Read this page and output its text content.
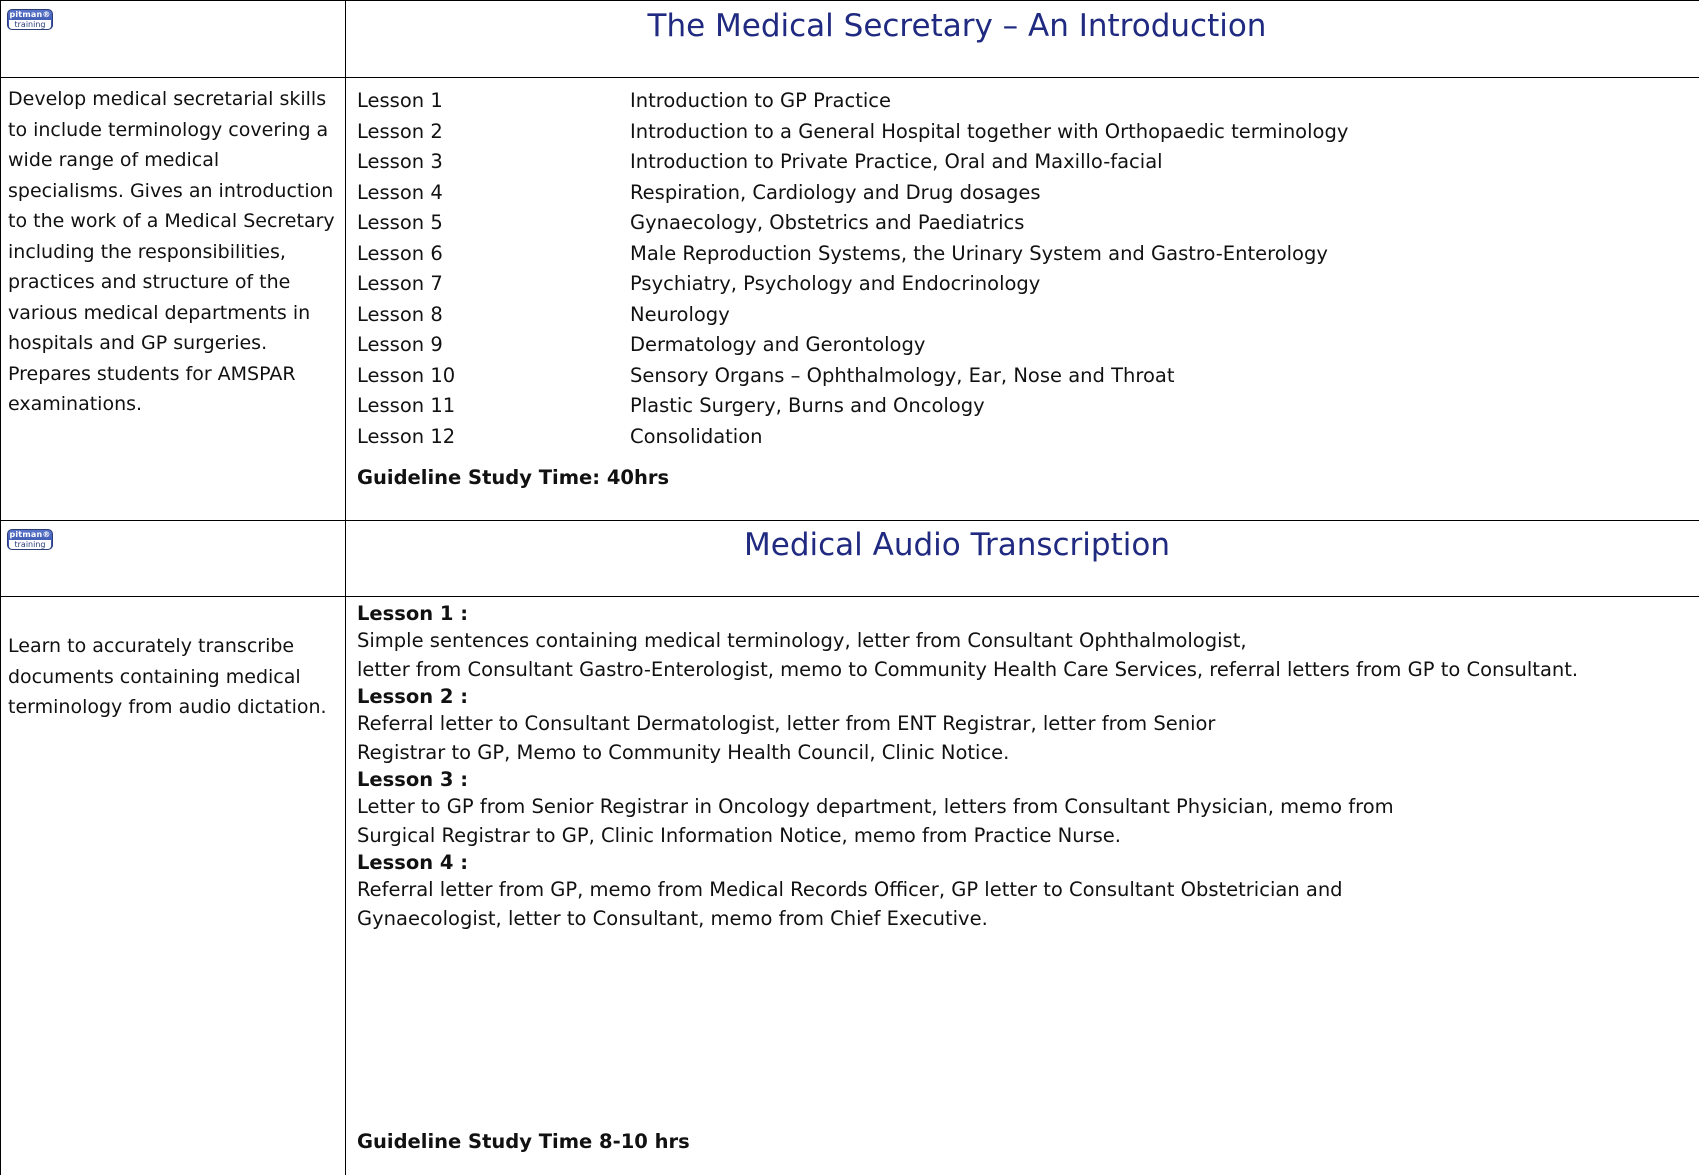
pitman®
training	The Medical Secretary – An Introduction

Develop medical secretarial skills to include terminology covering a wide range of medical specialisms. Gives an introduction to the work of a Medical Secretary including the responsibilities, practices and structure of the various medical departments in hospitals and GP surgeries. Prepares students for AMSPAR examinations.

Lesson 1	Introduction to GP Practice
Lesson 2	Introduction to a General Hospital together with Orthopaedic terminology
Lesson 3	Introduction to Private Practice, Oral and Maxillo-facial
Lesson 4	Respiration, Cardiology and Drug dosages
Lesson 5	Gynaecology, Obstetrics and Paediatrics
Lesson 6	Male Reproduction Systems, the Urinary System and Gastro-Enterology
Lesson 7	Psychiatry, Psychology and Endocrinology
Lesson 8	Neurology
Lesson 9	Dermatology and Gerontology
Lesson 10	Sensory Organs – Ophthalmology, Ear, Nose and Throat
Lesson 11	Plastic Surgery, Burns and Oncology
Lesson 12	Consolidation
Guideline Study Time: 40hrs
pitman®
training	Medical Audio Transcription

Learn to accurately transcribe documents containing medical terminology from audio dictation.

Lesson 1 :

Simple sentences containing medical terminology, letter from Consultant Ophthalmologist,
letter from Consultant Gastro-Enterologist, memo to Community Health Care Services, referral letters from GP to Consultant.

Lesson 2 :

Referral letter to Consultant Dermatologist, letter from ENT Registrar, letter from Senior
Registrar to GP, Memo to Community Health Council, Clinic Notice.

Lesson 3 :

Letter to GP from Senior Registrar in Oncology department, letters from Consultant Physician, memo from
Surgical Registrar to GP, Clinic Information Notice, memo from Practice Nurse.

Lesson 4 :

Referral letter from GP, memo from Medical Records Officer, GP letter to Consultant Obstetrician and
Gynaecologist, letter to Consultant, memo from Chief Executive.

Guideline Study Time 8-10 hrs
